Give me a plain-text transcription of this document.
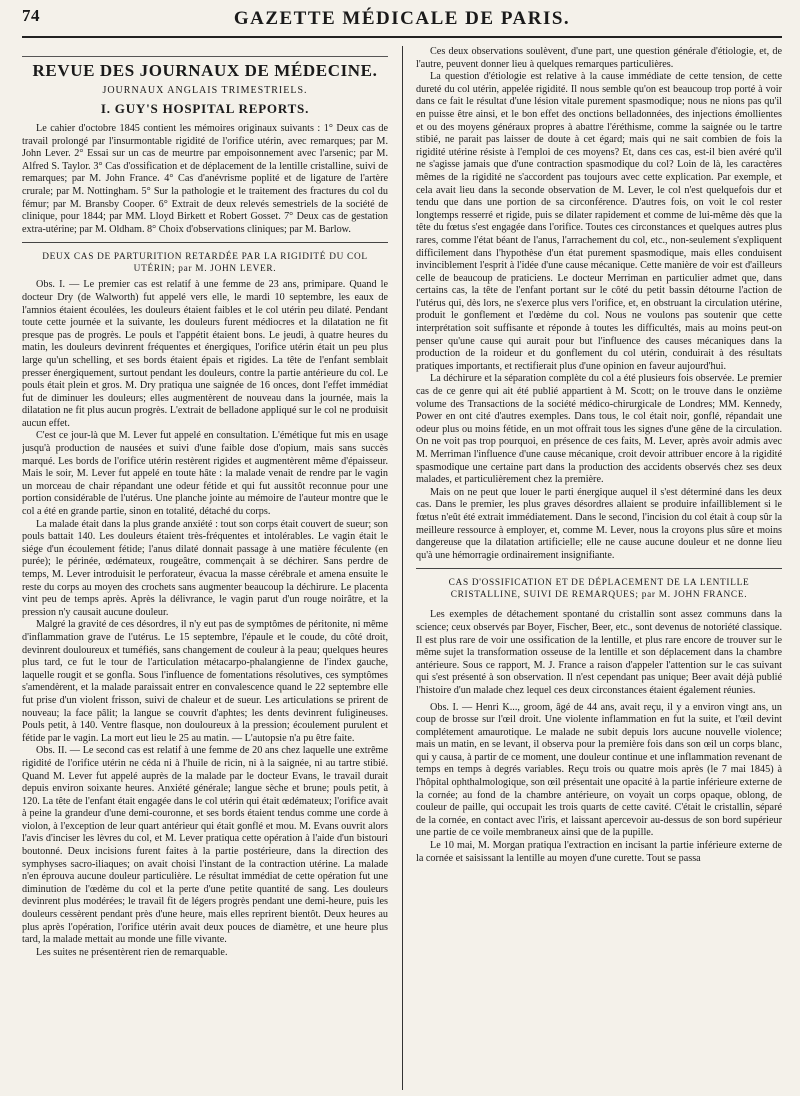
74	GAZETTE MÉDICALE DE PARIS.
REVUE DES JOURNAUX DE MÉDECINE.
JOURNAUX ANGLAIS TRIMESTRIELS.
I. GUY'S HOSPITAL REPORTS.

Le cahier d'octobre 1845 contient les mémoires originaux suivants : 1° Deux cas de travail prolongé par l'insurmontable rigidité de l'orifice utérin, avec remarques; par M. John Lever. 2° Essai sur un cas de meurtre par empoisonnement avec l'arsenic; par M. Alfred S. Taylor. 3° Cas d'ossification et de déplacement de la lentille cristalline, suivi de remarques; par M. John France. 4° Cas d'anévrisme poplité et de ligature de l'artère crurale; par M. Nottingham. 5° Sur la pathologie et le traitement des fractures du col du fémur; par M. Bransby Cooper. 6° Extrait de deux relevés semestriels de la société de clinique, pour 1844; par MM. Lloyd Birkett et Robert Gosset. 7° Deux cas de gestation extra-utérine; par M. Oldham. 8° Choix d'observations cliniques; par M. Barlow.

DEUX CAS DE PARTURITION RETARDÉE PAR LA RIGIDITÉ DU COL UTÉRIN; par M. JOHN LEVER.

Obs. I. — Le premier cas est relatif à une femme de 23 ans, primipare. Quand le docteur Dry (de Walworth) fut appelé vers elle, le mardi 10 septembre, les eaux de l'amnios étaient écoulées, les douleurs étaient faibles et le col utérin peu dilaté. Pendant toute cette journée et la suivante, les douleurs furent médiocres et la dilatation ne fit presque pas de progrès. Le pouls et l'appétit étaient bons. Le jeudi, à quatre heures du matin, les douleurs devinrent fréquentes et énergiques, l'orifice utérin était un peu plus large qu'un schelling, et ses bords étaient épais et rigides. La tête de l'enfant semblait presser énergiquement, surtout pendant les douleurs, contre la partie antérieure du col. Le pouls était plein et gros. M. Dry pratiqua une saignée de 16 onces, dont l'effet immédiat fut de diminuer les douleurs; elles augmentèrent de nouveau dans la journée, mais la dilatation ne fit plus aucun progrès. L'extrait de belladone appliqué sur le col ne produisit aucun effet.

C'est ce jour-là que M. Lever fut appelé en consultation. L'émétique fut mis en usage jusqu'à production de nausées et suivi d'une faible dose d'opium, mais sans succès marqué. Les bords de l'orifice utérin restèrent rigides et augmentèrent même d'épaisseur. Mais le soir, M. Lever fut appelé en toute hâte : la malade venait de rendre par le vagin un morceau de chair répandant une odeur fétide et qui fut aussitôt reconnue pour une portion considérable de l'utérus. Une planche jointe au mémoire de l'auteur montre que le col a été en grande partie, sinon en totalité, détaché du corps.

La malade était dans la plus grande anxiété : tout son corps était couvert de sueur; son pouls battait 140. Les douleurs étaient très-fréquentes et intolérables. Le vagin était le siége d'un écoulement fétide; l'anus dilaté donnait passage à une matière féculente (en purée); le périnée, œdémateux, rougeâtre, commençait à se déchirer. Sans perdre de temps, M. Lever introduisit le perforateur, évacua la masse cérébrale et amena ensuite le reste du corps au moyen des crochets sans augmenter beaucoup la déchirure. Le placenta vint peu de temps après. Après la délivrance, le vagin parut d'un rouge noirâtre, et la pression n'y causait aucune douleur.

Malgré la gravité de ces désordres, il n'y eut pas de symptômes de péritonite, ni même d'inflammation grave de l'utérus. Le 15 septembre, l'épaule et le coude, du côté droit, devinrent douloureux et tuméfiés, sans changement de couleur à la peau; quelques heures plus tard, ce fut le tour de l'articulation métacarpo-phalangienne de l'index gauche, laquelle rougit et se gonfla. Sous l'influence de fomentations résolutives, ces symptômes s'amendèrent, et la malade paraissait entrer en convalescence quand le 22 septembre elle fut prise d'un violent frisson, suivi de chaleur et de sueur. Les articulations se prirent de nouveau; la face pâlit; la langue se couvrit d'aphtes; les dents devinrent fuligineuses. Pouls petit, à 140. Ventre flasque, non douloureux à la pression; écoulement purulent et fétide par le vagin. La mort eut lieu le 25 au matin. — L'autopsie n'a pu être faite.

Obs. II. — Le second cas est relatif à une femme de 20 ans chez laquelle une extrême rigidité de l'orifice utérin ne céda ni à l'huile de ricin, ni à la saignée, ni au tartre stibié. Quand M. Lever fut appelé auprès de la malade par le docteur Evans, le travail durait depuis environ soixante heures. Anxiété générale; langue sèche et brune; pouls petit, à 120. La tête de l'enfant était engagée dans le col utérin qui était œdémateux; l'orifice avait à peine la grandeur d'une demi-couronne, et ses bords étaient tendus comme une corde à violon, à l'exception de leur quart antérieur qui était gonflé et mou. M. Evans ouvrit alors l'avis d'inciser les lèvres du col, et M. Lever pratiqua cette opération à l'aide d'un bistouri boutonné. Deux incisions furent faites à la partie postérieure, dans la direction des symphyses sacro-iliaques; on avait choisi l'instant de la contraction utérine. La malade n'en éprouva aucune douleur particulière. Le résultat immédiat de cette opération fut une diminution de l'œdème du col et la perte d'une petite quantité de sang. Les douleurs devinrent plus modérées; le travail fit de légers progrès pendant une demi-heure, puis les douleurs cessèrent pendant près d'une heure, mais elles reprirent bientôt. Deux heures au plus après l'opération, l'orifice utérin avait deux pouces de diamètre, et une heure plus tard, la malade mettait au monde une fille vivante.

Les suites ne présentèrent rien de remarquable.

Ces deux observations soulèvent, d'une part, une question générale d'étiologie, et, de l'autre, peuvent donner lieu à quelques remarques particulières.

La question d'étiologie est relative à la cause immédiate de cette tension, de cette dureté du col utérin, appelée rigidité. Il nous semble qu'on est beaucoup trop porté à voir dans ce fait le résultat d'une lésion vitale purement spasmodique; nous ne nions pas qu'il en puisse être ainsi, et le bon effet des onctions belladonnées, des injections émollientes et ou des moyens généraux propres à abattre l'éréthisme, comme la saignée ou le tartre stibié, ne parait pas laisser de doute à cet égard; mais qui ne sait combien de fois la rigidité utérine résiste à l'emploi de ces moyens? Et, dans ces cas, est-il bien avéré qu'il ne s'agisse jamais que d'une contraction spasmodique du col? Loin de là, les caractères mêmes de la rigidité ne s'accordent pas toujours avec cette explication. Par exemple, et cela avait lieu dans la seconde observation de M. Lever, le col n'est quelquefois dur et tendu que dans une portion de sa circonférence. D'autres fois, on voit le col rester longtemps resserré et rigide, puis se dilater rapidement et comme de lui-même dès que la tête du fœtus s'est engagée dans l'orifice. Toutes ces circonstances et quelques autres plus rares, comme l'état béant de l'anus, l'arrachement du col, etc., non-seulement s'expliquent difficilement dans l'hypothèse d'un état purement spasmodique, mais elles conduisent invinciblement l'esprit à l'idée d'une cause mécanique. Cette manière de voir est d'ailleurs celle de beaucoup de praticiens. Le docteur Merriman en particulier admet que, dans certains cas, la tête de l'enfant portant sur le côté du petit bassin détourne l'action de l'utérus qui, dès lors, ne s'exerce plus vers l'orifice, et, en obstruant la circulation utérine, produit le gonflement et l'œdème du col. Nous ne voulons pas soutenir que cette interprétation soit suffisante et réponde à toutes les difficultés, mais au moins peut-on penser qu'une cause qui aurait pour but l'influence des causes mécaniques dans la production de la roideur et du gonflement du col utérin, conduirait à des résultats pratiques importants, et rectifierait plus d'une opinion en faveur aujourd'hui.

La déchirure et la séparation complète du col a été plusieurs fois observée. Le premier cas de ce genre qui ait été publié appartient à M. Scott; on le trouve dans le onzième volume des Transactions de la société médico-chirurgicale de Londres; MM. Kennedy, Power en ont cité d'autres exemples. Dans tous, le col était noir, gonflé, répandait une odeur plus ou moins fétide, en un mot offrait tous les signes d'une gêne de la circulation. On ne voit pas trop pourquoi, en présence de ces faits, M. Lever, après avoir admis avec M. Merriman l'influence d'une cause mécanique, croit devoir attribuer encore à la rigidité spasmodique une certaine part dans la production des accidents observés chez ses deux malades, et particulièrement chez la première.

Mais on ne peut que louer le parti énergique auquel il s'est déterminé dans les deux cas. Dans le premier, les plus graves désordres allaient se produire infailliblement si le fœtus n'eût été extrait immédiatement. Dans le second, l'incision du col était à coup sûr la meilleure ressource à employer, et, comme M. Lever, nous la croyons plus sûre et moins dangereuse que la dilatation artificielle; elle ne cause aucune douleur et ne donne lieu qu'à une hémorragie ordinairement insignifiante.

CAS D'OSSIFICATION ET DE DÉPLACEMENT DE LA LENTILLE CRISTALLINE, SUIVI DE REMARQUES; par M. JOHN FRANCE.

Les exemples de détachement spontané du cristallin sont assez communs dans la science; ceux observés par Boyer, Fischer, Beer, etc., sont devenus de notoriété classique. Il est plus rare de voir une ossification de la lentille, et plus rare encore de trouver sur le même sujet la transformation osseuse de la lentille et son déplacement dans la chambre antérieure. Sous ce rapport, M. J. France a raison d'appeler l'attention sur le cas suivant qui s'est présenté à son observation. Il n'est cependant pas unique; Beer avait déjà publié l'histoire d'un malade chez lequel ces deux circonstances étaient également réunies.

Obs. I. — Henri K..., groom, âgé de 44 ans, avait reçu, il y a environ vingt ans, un coup de brosse sur l'œil droit. Une violente inflammation en fut la suite, et l'œil devint complétement amaurotique. Le malade ne subit depuis lors aucune nouvelle violence; mais un matin, en se levant, il observa pour la première fois dans son œil un corps blanc, qui y causa, à partir de ce moment, une douleur continue et une inflammation revenant de temps en temps à degrés variables. Reçu trois ou quatre mois après (le 7 mai 1845) à l'hôpital ophthalmologique, son œil présentait une opacité à la partie inférieure externe de la cornée; au fond de la chambre antérieure, on voyait un corps opaque, oblong, de couleur de paille, qui occupait les trois quarts de cette cavité. C'était le cristallin, séparé de la cornée, en contact avec l'iris, et laissant apercevoir au-dessus de son bord supérieur une partie de ce voile membraneux ainsi que de la pupille.

Le 10 mai, M. Morgan pratiqua l'extraction en incisant la partie inférieure externe de la cornée et saisissant la lentille au moyen d'une curette. Tout se passa
